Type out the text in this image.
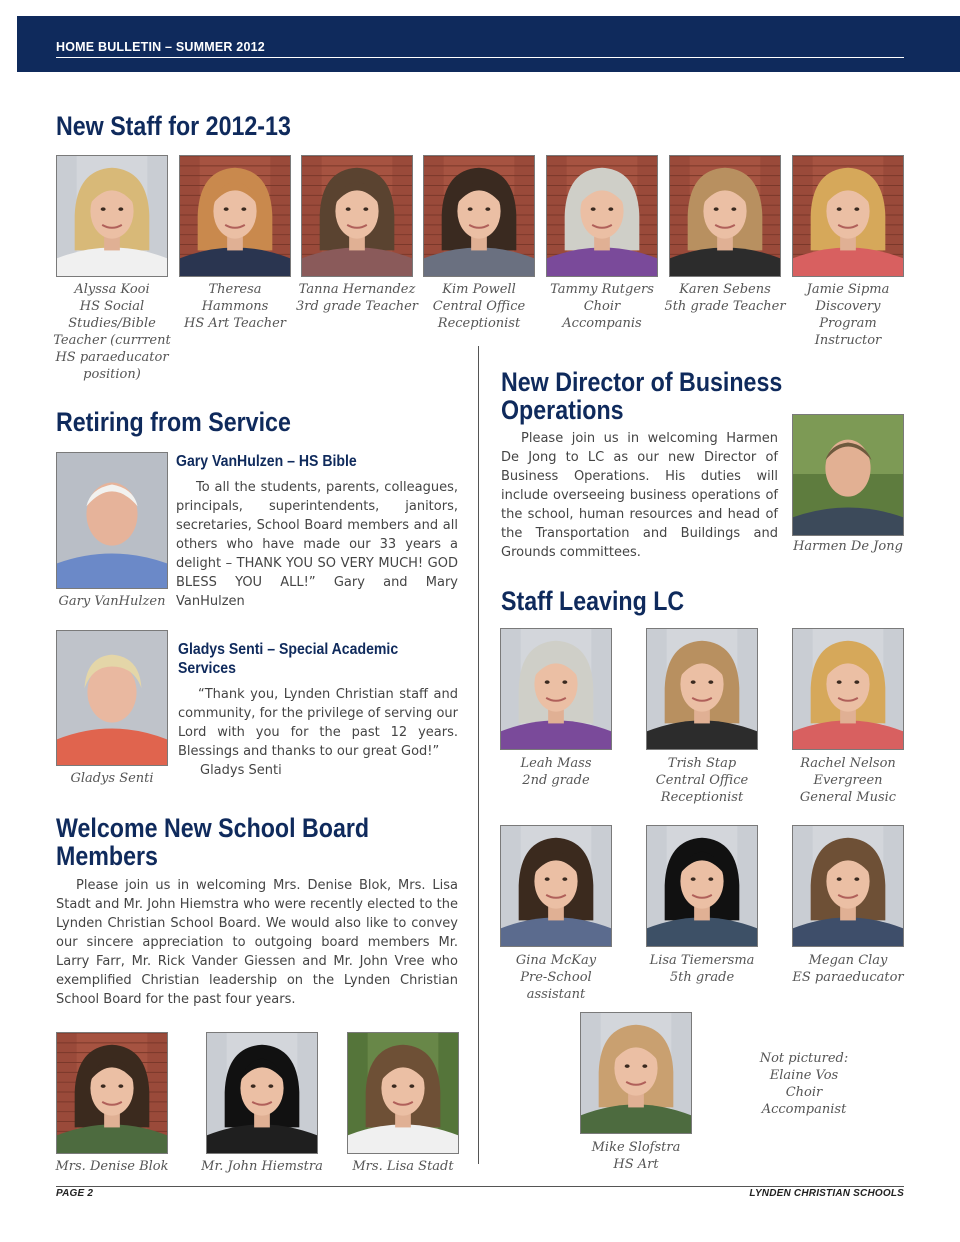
HOME BULLETIN – SUMMER 2012
New Staff for 2012-13
Alyssa Kooi
HS Social
Studies/Bible
Teacher (currrent
HS paraeducator
position)
Theresa
Hammons
HS Art Teacher
Tanna Hernandez
3rd grade Teacher
Kim Powell
Central Office
Receptionist
Tammy Rutgers
Choir
Accompanis
Karen Sebens
5th grade Teacher
Jamie Sipma
Discovery
Program
Instructor
Retiring from Service
Gary VanHulzen
Gary VanHulzen – HS Bible

To all the students, parents, colleagues, principals, superintendents, janitors, secretaries, School Board members and all others who have made our 33 years a delight – THANK YOU SO VERY MUCH! GOD BLESS YOU ALL!” Gary and Mary VanHulzen

Gladys Senti
Gladys Senti – Special Academic
Services

“Thank you, Lynden Christian staff and community, for the privilege of serving our Lord with you for the past 12 years. Blessings and thanks to our great God!”

Gladys Senti

Welcome New School Board
Members

Please join us in welcoming Mrs. Denise Blok, Mrs. Lisa Stadt and Mr. John Hiemstra who were recently elected to the Lynden Christian School Board. We would also like to convey our sincere appreciation to outgoing board members Mr. Larry Farr, Mr. Rick Vander Giessen and Mr. John Vree who exemplified Christian leadership on the Lynden Christian School Board for the past four years.

Mrs. Denise Blok	Mr. John Hiemstra	Mrs. Lisa Stadt
New Director of Business
Operations

Please join us in welcoming Harmen De Jong to LC as our new Director of Business Operations. His duties will include overseeing business operations of the school, human resources and head of the Transportation and Buildings and Grounds committees.	Harmen De Jong
Staff Leaving LC
Leah Mass
2nd grade
Trish Stap
Central Office
Receptionist
Rachel Nelson
Evergreen
General Music
Gina McKay
Pre-School
assistant
Lisa Tiemersma
5th grade
Megan Clay
ES paraeducator
Mike Slofstra
HS Art
Not pictured:
Elaine Vos
Choir
Accompanist
PAGE 2	LYNDEN CHRISTIAN SCHOOLS
